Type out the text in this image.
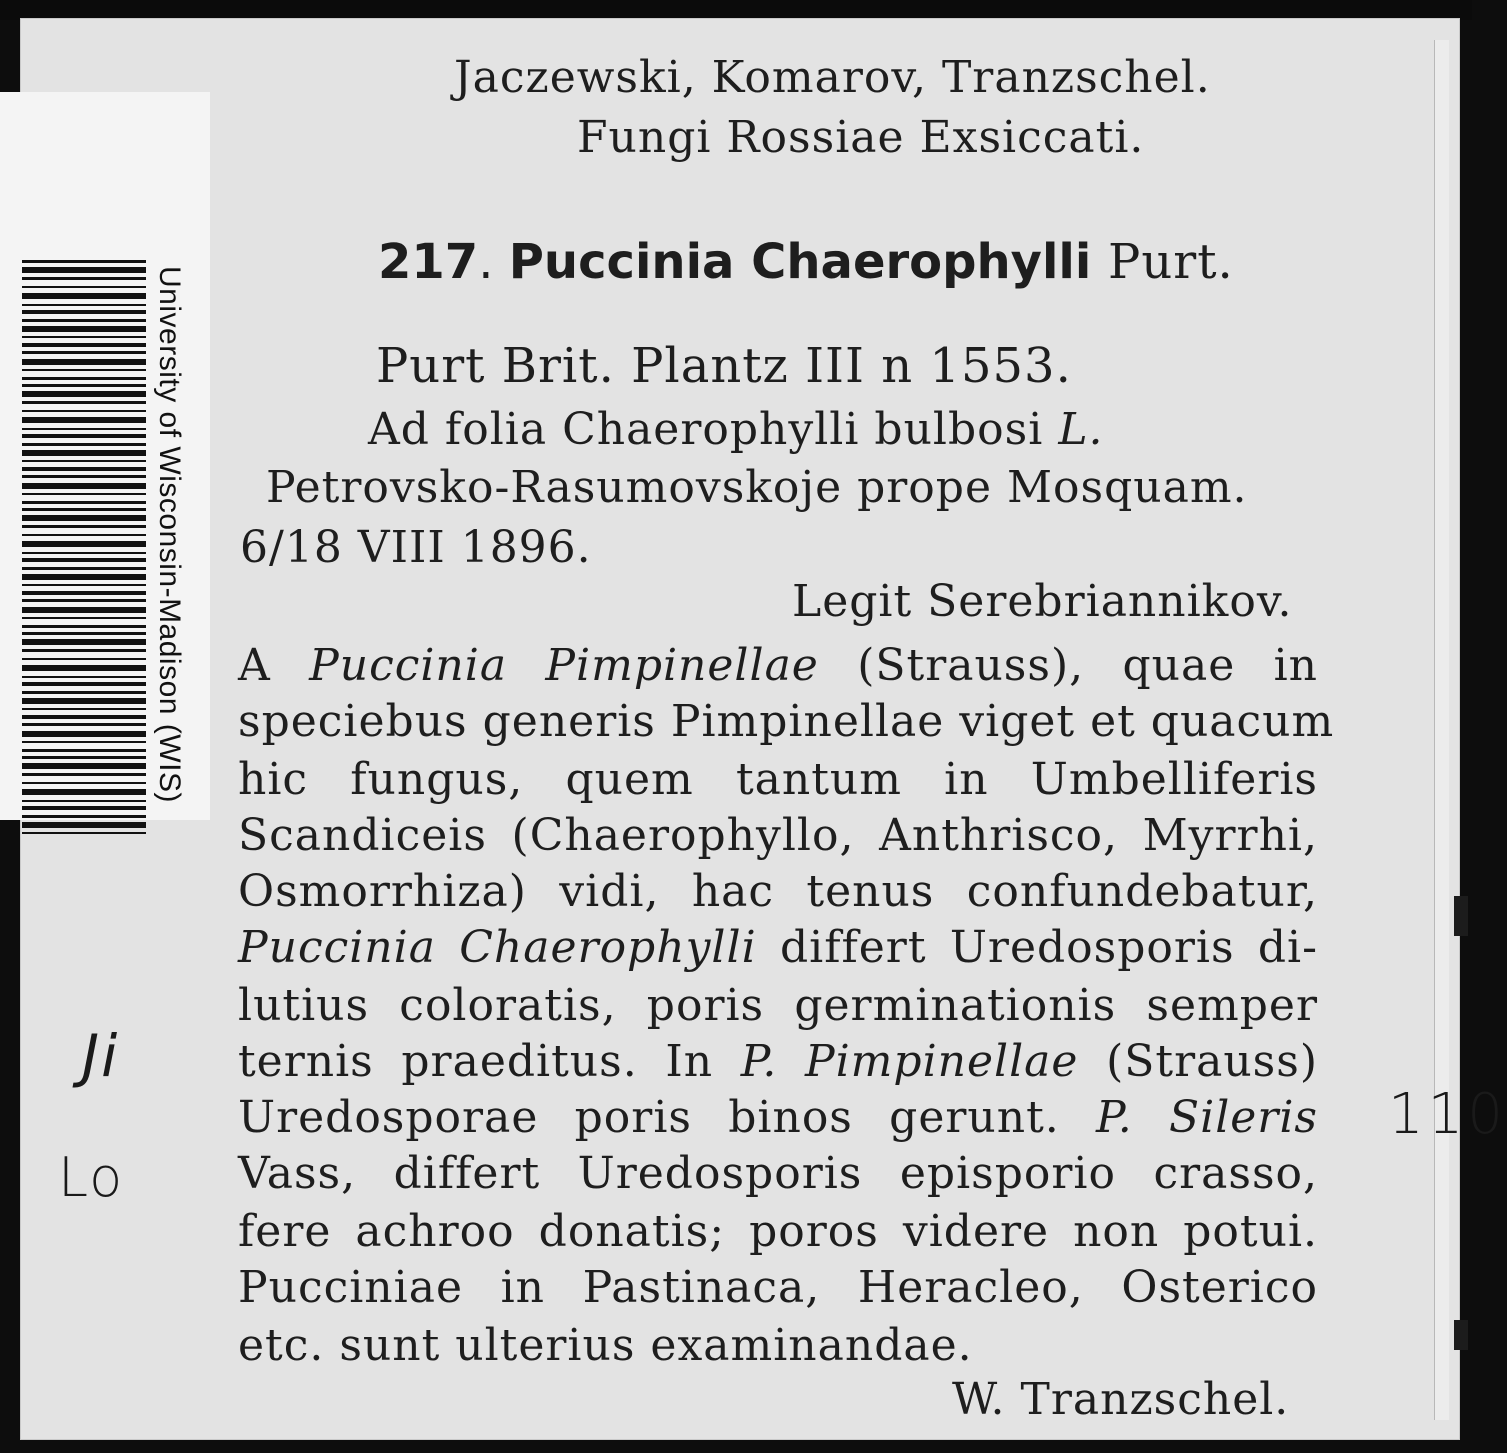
Jaczewski, Komarov, Tranzschel.
Fungi Rossiae Exsiccati.
217. Puccinia Chaerophylli Purt.
Purt Brit. Plantz III n 1553.
Ad folia Chaerophylli bulbosi L.
Petrovsko-Rasumovskoje prope Mosquam.
6/18 VIII 1896.
Legit Serebriannikov.
A Puccinia Pimpinellae (Strauss), quae in
speciebus generis Pimpinellae viget et quacum
hic fungus, quem tantum in Umbelliferis
Scandiceis (Chaerophyllo, Anthrisco, Myrrhi,
Osmorrhiza) vidi, hac tenus confundebatur,
Puccinia Chaerophylli differt Uredosporis di-
lutius coloratis, poris germinationis semper
ternis praeditus. In P. Pimpinellae (Strauss)
Uredosporae poris binos gerunt. P. Sileris
Vass, differt Uredosporis episporio crasso,
fere achroo donatis; poros videre non potui.
Pucciniae in Pastinaca, Heracleo, Osterico
etc. sunt ulterius examinandae.
W. Tranzschel.
University of Wisconsin-Madison (WIS)
Ji
Lo
110
